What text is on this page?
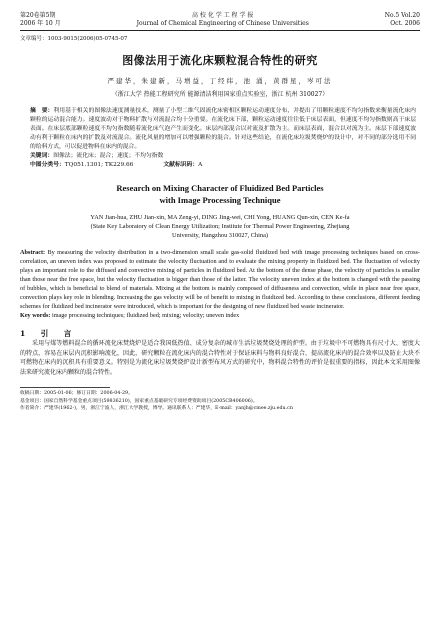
第20卷第5期
2006 年 10 月
高 校 化 学 工 程 学 报
Journal of Chemical Engineering of Chinese Universities
No.5 Vol.20
Oct. 2006
文章编号：1003-9015(2006)05-0745-07
图像法用于流化床颗粒混合特性的研究
严建华，朱建新，马增益，丁经纬，池 涌，黄群星，岑可法
（浙江大学 热能工程研究所 能源清洁利用国家重点实验室，浙江 杭州 310027）
摘　要：利用基于相关的图像法速度测量技术，测量了小型二维气固流化床密相区颗粒运动速度分布，并提出了用颗粒速度不均匀指数来衡量流化床内颗粒的运动混合能力。速度波动对于物料扩散与对流混合均十分重要。在流化床下部，颗粒运动速度往往低于床层表面，但速度不均匀指数则高于床层表面。在床层底部颗粒速度不均匀指数随着流化床气泡产生而变化。床层内部混合以对流及扩散为主。而床层表面，混合以对流为主。床层下部速度波动有利于颗粒在床内的扩散及对流混合。流化风量的增加可以增强颗粒的混合。针对这些结论，在流化床垃圾焚烧炉的设计中，对不同的部分选用不同的给料方式，可以促进物料在床内的混合。
关键词：图像法；流化床；混合；速度；不均匀指数
中图分类号：TQ051.1301; TK229.66	文献标识码：A
Research on Mixing Character of Fluidized Bed Particles
with Image Processing Technique
YAN Jian-hua, ZHU Jian-xin, MA Zeng-yi, DING Jing-wei, CHI Yong, HUANG Qun-xin, CEN Ke-fa
(State Key Laboratory of Clean Energy Utilization; Institute for Thermal Power Engineering, Zhejiang
University, Hangzhou 310027, China)
Abstract: By measuring the velocity distribution in a two-dimension small scale gas-solid fluidized bed with image processing techniques based on cross-correlation, an uneven index was proposed to estimate the velocity fluctuation and to evaluate the mixing property in fluidized bed. The fluctuation of velocity plays an important role to the diffused and convective mixing of particles in fluidized bed. At the bottom of the dense phase, the velocity of particles is smaller than those near the free space, but the velocity fluctuation is bigger than those of the latter. The velocity uneven index at the bottom is changed with the passing of bubbles, which is beneficial to blend of materials. Mixing at the bottom is mainly composed of diffuseness and convection, while in place near free space, convection plays key role in blending. Increasing the gas velocity will be of benefit to mixing in fluidized bed. According to these conclusions, different feeding schemes for fluidized bed incinerator were introduced, which is important for the designing of new fluidized bed waste incinerator.
Key words: image processing techniques; fluidized bed; mixing; velocity; uneven index
1　引　言
采用与煤等燃料混合的循环流化床焚烧炉是适合我国低热值、成分复杂的城市生活垃圾焚烧处理的炉型。由于垃圾中不可燃物具有尺寸大、密度大的特点，容易在床层内沉积影响流化，因此，研究颗粒在流化床内的混合特性对于保证床料与物料良好混合、提高流化床内的混合效率以及防止大块不可燃物在床内的沉积具有重要意义。特别是为流化床垃圾焚烧炉设计新型布风方式的研究中，物料混合特性的评价是很重要的指标，因此本文采用图像法来研究流化床内颗粒的混合特性。
收稿日期：2005-01-06；修订日期：2006-04-29。
基金项目：国家自然科学基金重点项目(59836210)，国家重点基础研究专项经费资助项目(2005CB406006)。
作者简介：严建华(1962-)，男，浙江宁波人，浙江大学教授，博导。通讯联系人：严建华，E-mail：yanjh@cmee.zju.edu.cn
